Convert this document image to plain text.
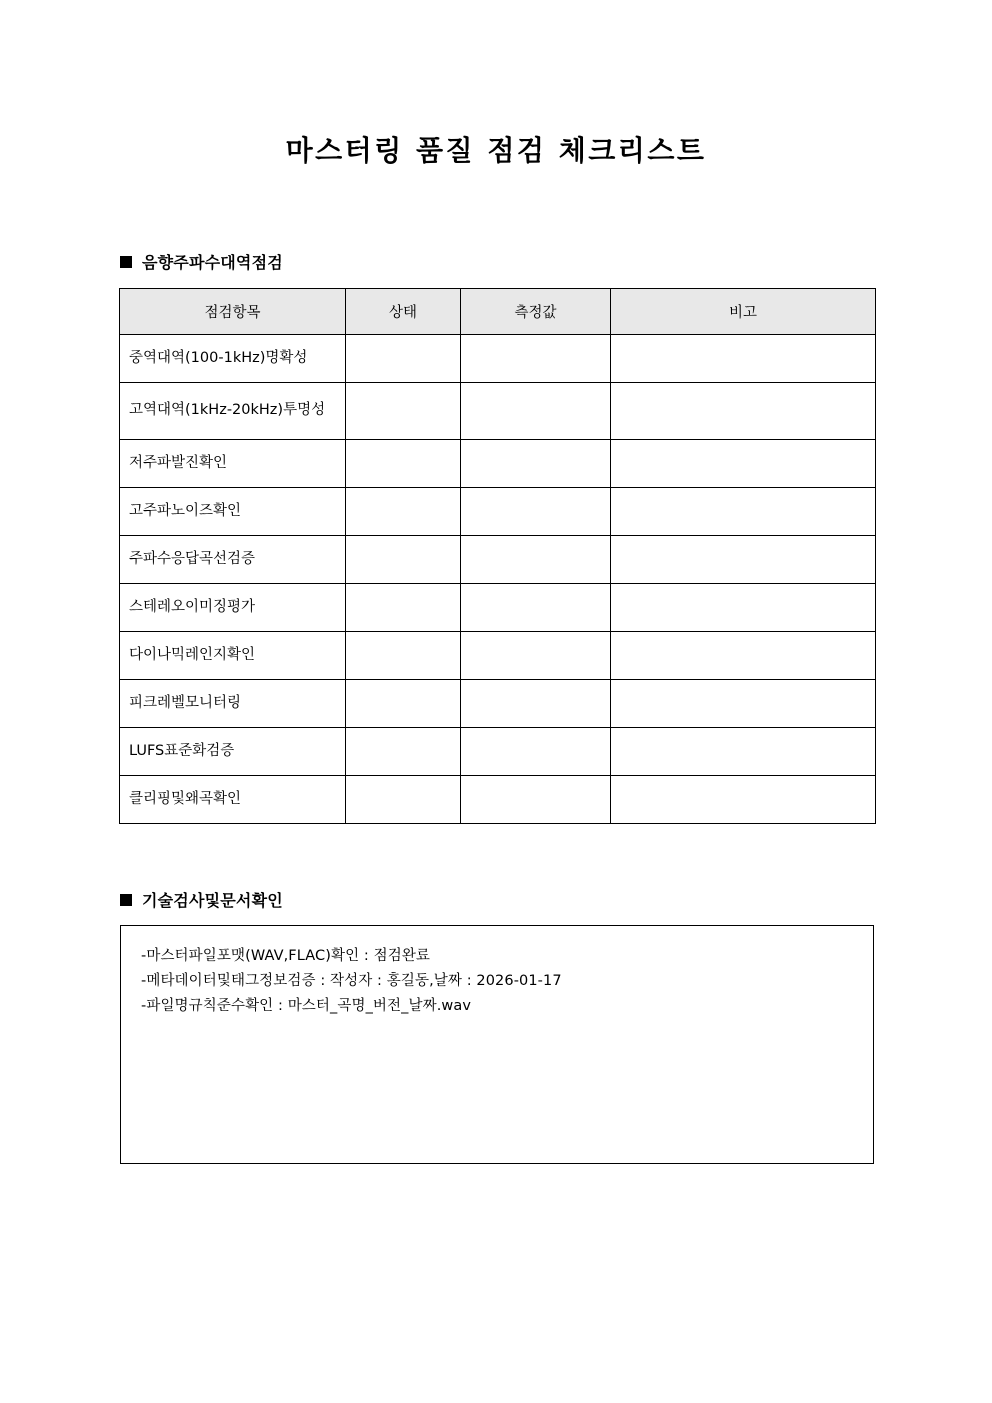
마스터링 품질 점검 체크리스트
음향주파수대역점검
점검항목	상태	측정값	비고
중역대역(100-1kHz)명확성			
고역대역(1kHz-20kHz)투명성			
저주파발진확인			
고주파노이즈확인			
주파수응답곡선검증			
스테레오이미징평가			
다이나믹레인지확인			
피크레벨모니터링			
LUFS표준화검증			
클리핑및왜곡확인			
기술검사및문서확인
-마스터파일포맷(WAV,FLAC)확인 : 점검완료
-메타데이터및태그정보검증 : 작성자 : 홍길동,날짜 : 2026-01-17
-파일명규칙준수확인 : 마스터_곡명_버전_날짜.wav
